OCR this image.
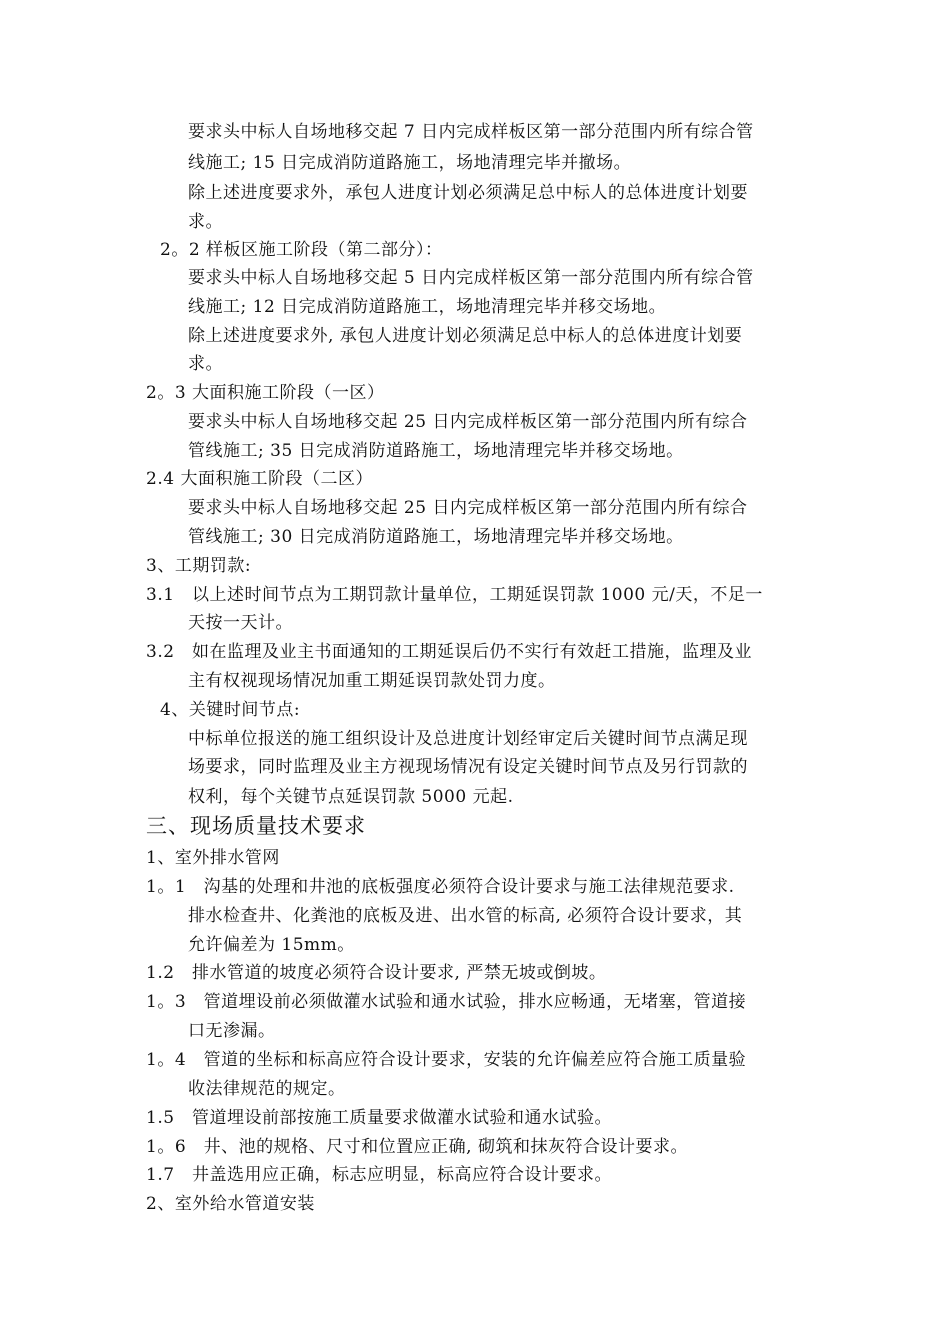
要求头中标人自场地移交起 7 日内完成样板区第一部分范围内所有综合管
线施工; 15 日完成消防道路施工，场地清理完毕并撤场。
除上述进度要求外，承包人进度计划必须满足总中标人的总体进度计划要
求。
2。2 样板区施工阶段（第二部分）：
要求头中标人自场地移交起 5 日内完成样板区第一部分范围内所有综合管
线施工; 12 日完成消防道路施工，场地清理完毕并移交场地。
除上述进度要求外, 承包人进度计划必须满足总中标人的总体进度计划要
求。
2。3 大面积施工阶段（一区）
要求头中标人自场地移交起 25 日内完成样板区第一部分范围内所有综合
管线施工; 35 日完成消防道路施工，场地清理完毕并移交场地。
2.4 大面积施工阶段（二区）
要求头中标人自场地移交起 25 日内完成样板区第一部分范围内所有综合
管线施工; 30 日完成消防道路施工，场地清理完毕并移交场地。
3、工期罚款:
3.1　以上述时间节点为工期罚款计量单位，工期延误罚款 1000 元/天，不足一
天按一天计。
3.2　如在监理及业主书面通知的工期延误后仍不实行有效赶工措施，监理及业
主有权视现场情况加重工期延误罚款处罚力度。
4、关键时间节点:
中标单位报送的施工组织设计及总进度计划经审定后关键时间节点满足现
场要求，同时监理及业主方视现场情况有设定关键时间节点及另行罚款的
权利，每个关键节点延误罚款 5000 元起.
三、现场质量技术要求
1、室外排水管网
1。1　沟基的处理和井池的底板强度必须符合设计要求与施工法律规范要求.
排水检查井、化粪池的底板及进、出水管的标高, 必须符合设计要求，其
允许偏差为 15mm。
1.2　排水管道的坡度必须符合设计要求, 严禁无坡或倒坡。
1。3　管道埋设前必须做灌水试验和通水试验，排水应畅通，无堵塞，管道接
口无渗漏。
1。4　管道的坐标和标高应符合设计要求，安装的允许偏差应符合施工质量验
收法律规范的规定。
1.5　管道埋设前部按施工质量要求做灌水试验和通水试验。
1。6　井、池的规格、尺寸和位置应正确, 砌筑和抹灰符合设计要求。
1.7　井盖选用应正确，标志应明显，标高应符合设计要求。
2、室外给水管道安装
